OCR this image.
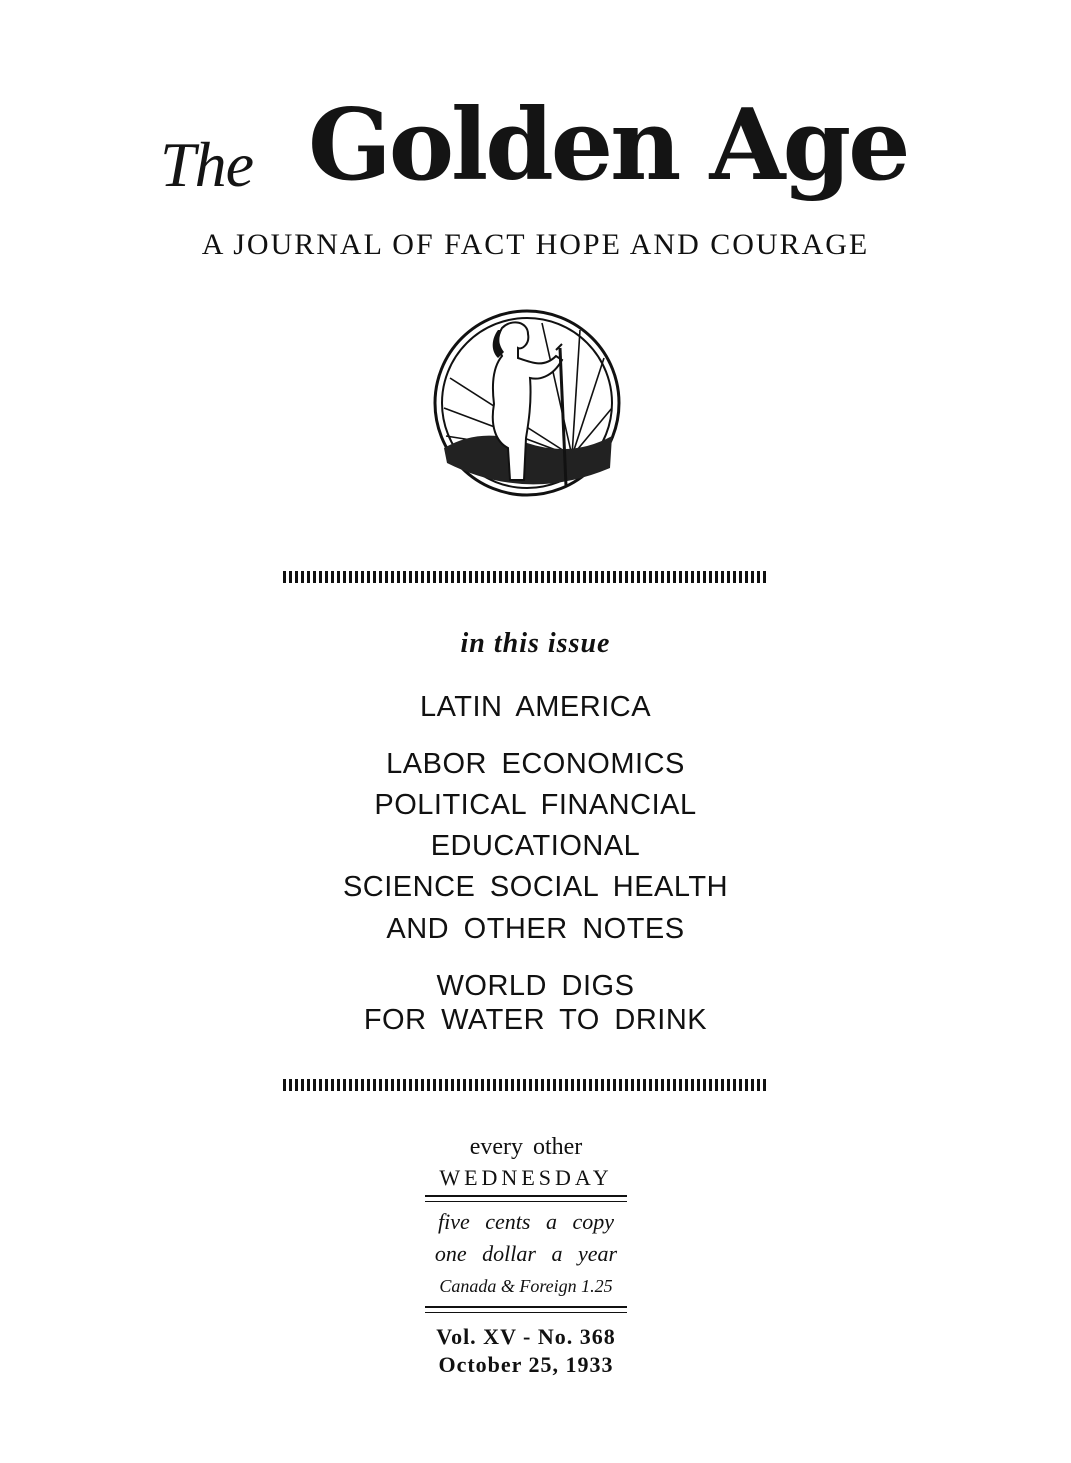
The Golden Age
A JOURNAL OF FACT HOPE AND COURAGE
in this issue
LATIN AMERICA
LABOR ECONOMICS
POLITICAL FINANCIAL
EDUCATIONAL
SCIENCE SOCIAL HEALTH
AND OTHER NOTES
WORLD DIGS
FOR WATER TO DRINK
every other
WEDNESDAY
five cents a copy
one dollar a year
Canada & Foreign 1.25
Vol. XV - No. 368
October 25, 1933
